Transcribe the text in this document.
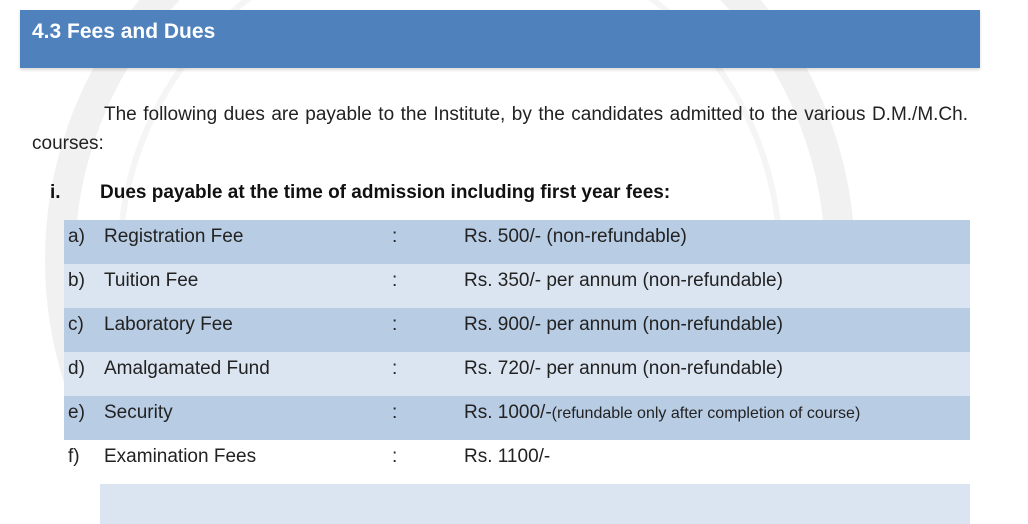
4.3 Fees and Dues
The following dues are payable to the Institute, by the candidates admitted to the various D.M./M.Ch. courses:
i. Dues payable at the time of admission including first year fees:
a) Registration Fee	:	Rs. 500/- (non-refundable)
b) Tuition Fee	:	Rs. 350/- per annum (non-refundable)
c) Laboratory Fee	:	Rs. 900/- per annum (non-refundable)
d) Amalgamated Fund	:	Rs. 720/- per annum (non-refundable)
e) Security	:	Rs. 1000/-(refundable only after completion of course)
f) Examination Fees	:	Rs. 1100/-
